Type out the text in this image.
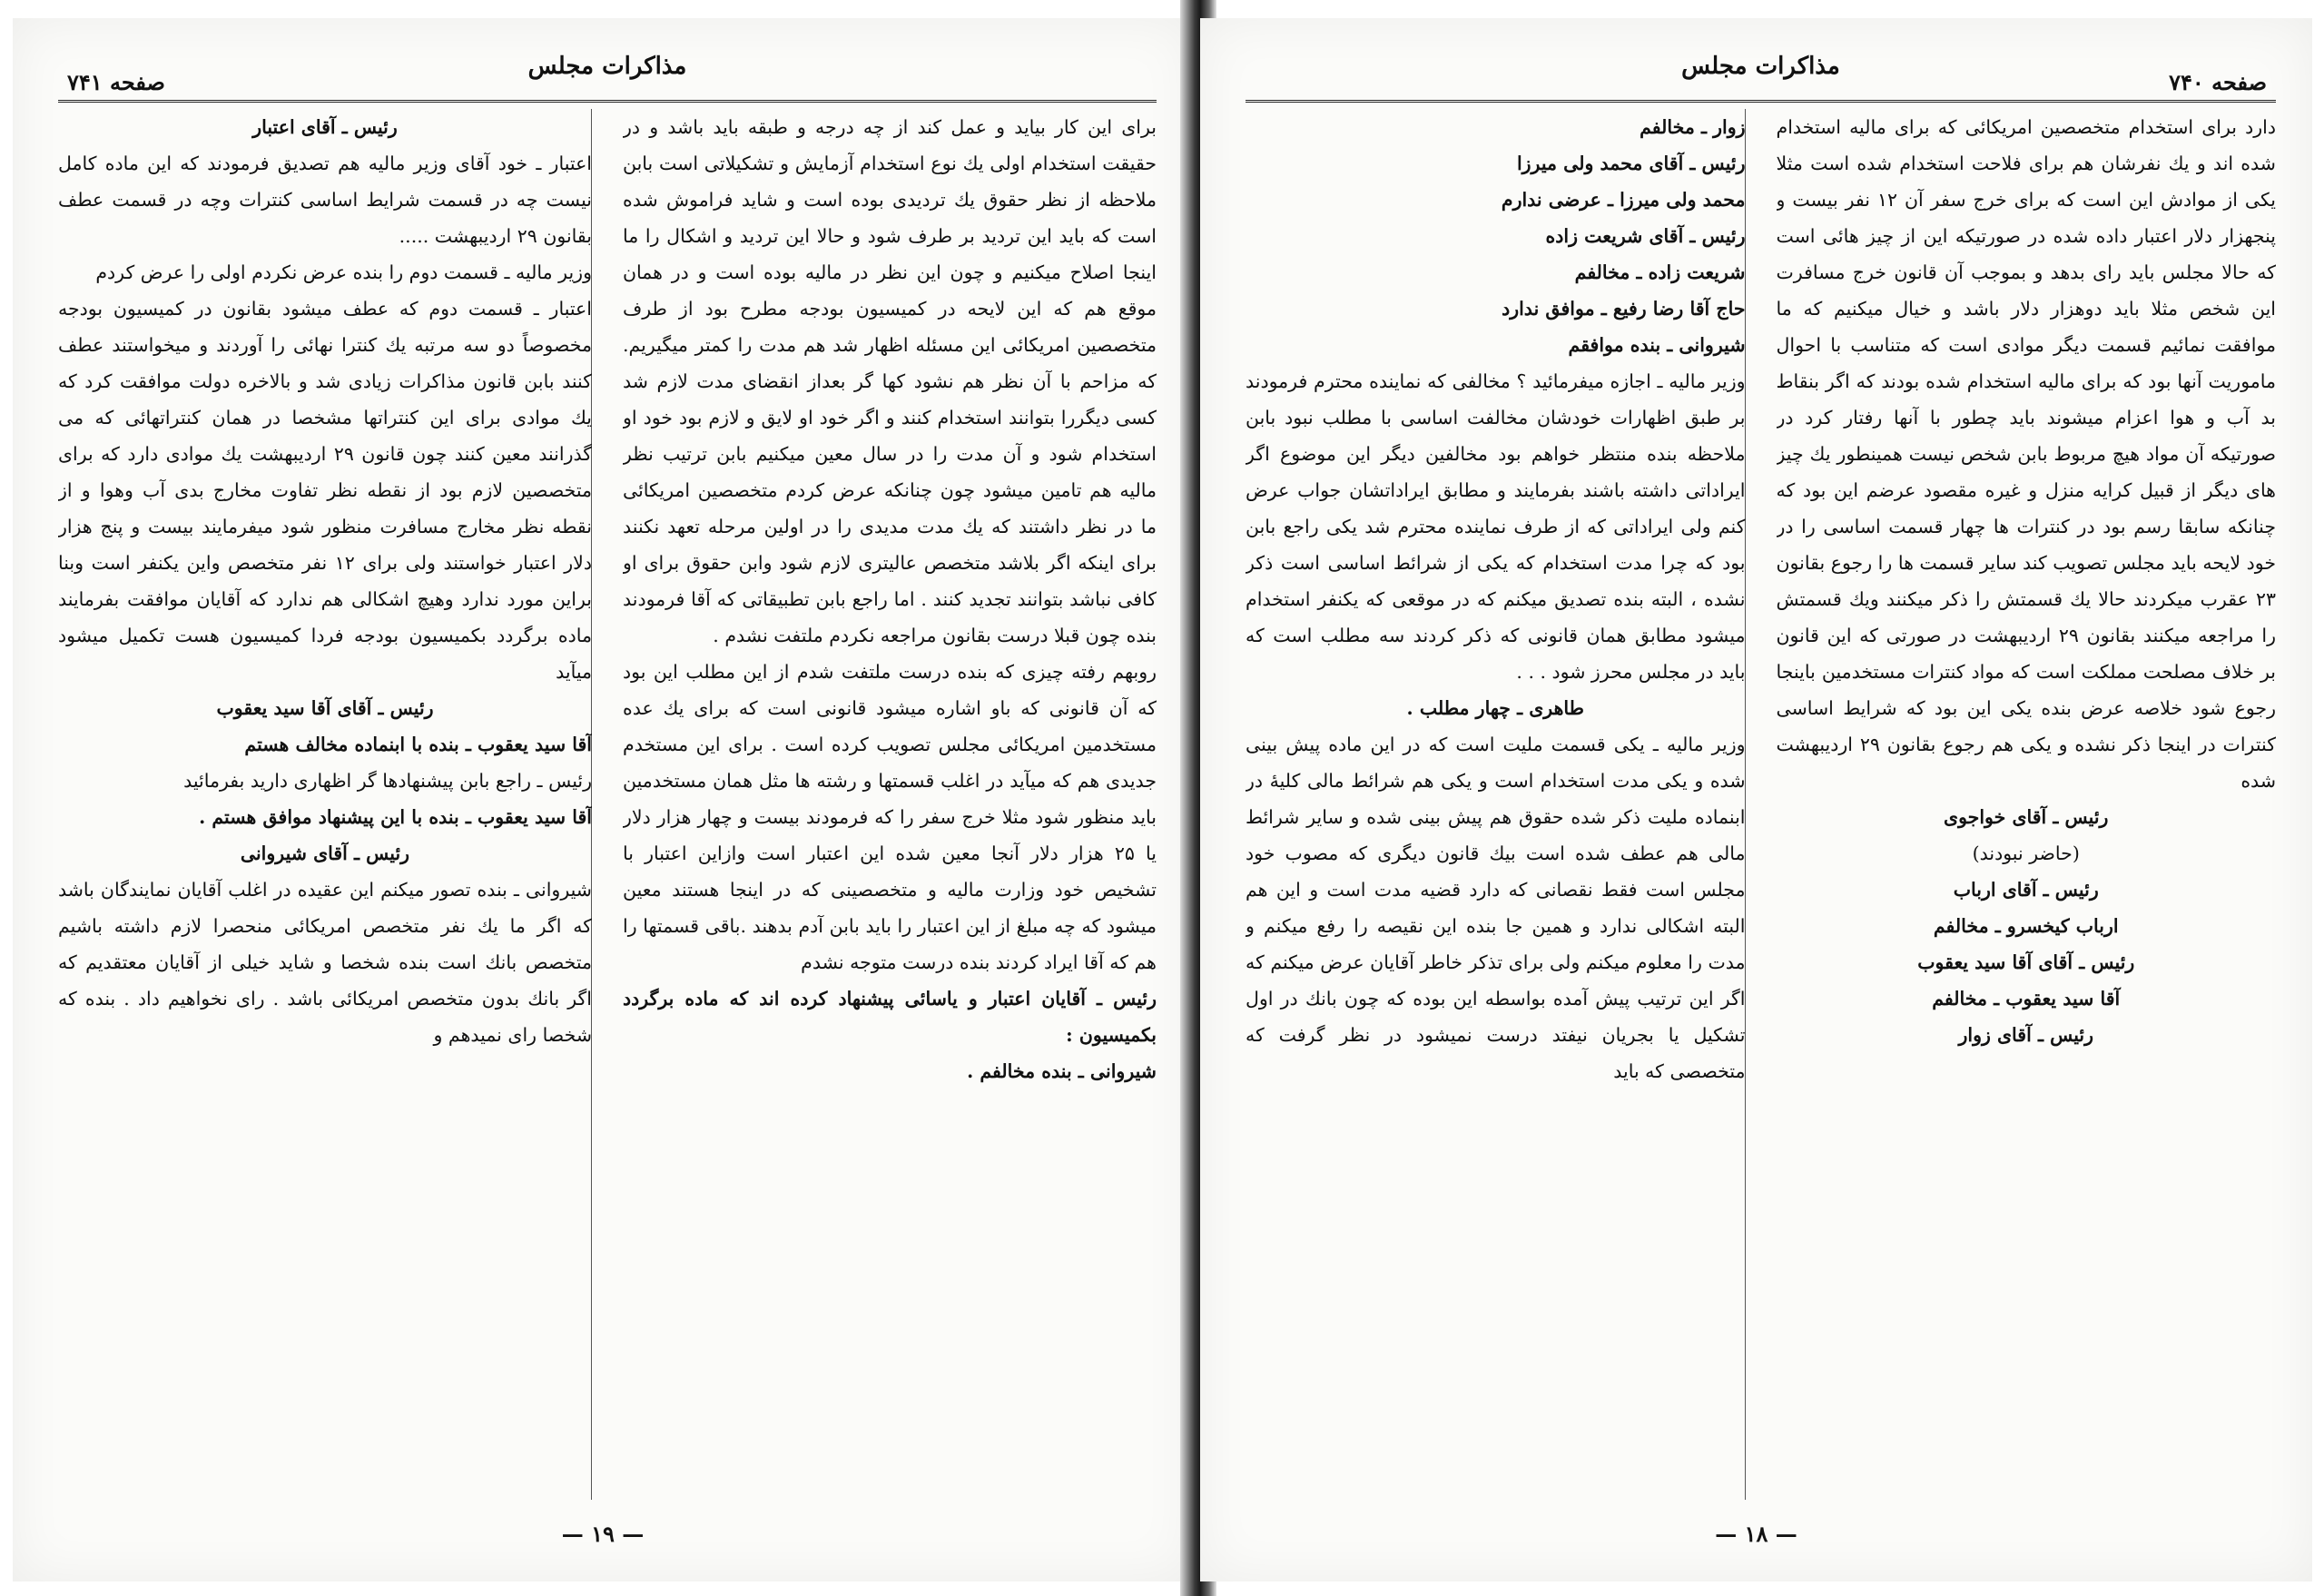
مذاکرات مجلس
صفحه ۷۴۱
برای این کار بیاید و عمل کند از چه درجه و طبقه باید باشد و در حقیقت استخدام اولی یك نوع استخدام آزمایش و تشکیلاتی است بابن ملاحظه از نظر حقوق یك تردیدی بوده است و شاید فراموش شده است که باید این تردید بر طرف شود و حالا این تردید و اشکال را ما اینجا اصلاح میکنیم و چون این نظر در مالیه بوده است و در همان موقع هم که این لایحه در کمیسیون بودجه مطرح بود از طرف متخصصین امریکائی این مسئله اظهار شد هم مدت را کمتر میگیریم. که مزاحم با آن نظر هم نشود کها گر بعداز انقضای مدت لازم شد کسی دیگررا بتوانند استخدام کنند و اگر خود او لایق و لازم بود خود او استخدام شود و آن مدت را در سال معین میکنیم بابن ترتیب نظر مالیه هم تامین میشود چون چنانکه عرض کردم متخصصین امریکائی ما در نظر داشتند که یك مدت مدیدی را در اولین مرحله تعهد نکنند برای اینکه اگر بلاشد متخصص عالیتری لازم شود وابن حقوق برای او کافی نباشد بتوانند تجدید کنند . اما راجع بابن تطبیقاتی که آقا فرمودند بنده چون قبلا درست بقانون مراجعه نکردم ملتفت نشدم .
روبهم رفته چیزی که بنده درست ملتفت شدم از این مطلب این بود که آن قانونی که باو اشاره میشود قانونی است که برای یك عده مستخدمین امریکائی مجلس تصویب کرده است . برای این مستخدم جدیدی هم که میآید در اغلب قسمتها و رشته ها مثل همان مستخدمین باید منظور شود مثلا خرج سفر را که فرمودند بیست و چهار هزار دلار یا ۲۵ هزار دلار آنجا معین شده این اعتبار است وازاین اعتبار با تشخیص خود وزارت مالیه و متخصصینی که در اینجا هستند معین میشود که چه مبلغ از این اعتبار را باید بابن آدم بدهند .باقی قسمتها را هم که آقا ایراد کردند بنده درست متوجه نشدم
رئیس ـ آقایان اعتبار و یاسائی پیشنهاد کرده اند که ماده برگردد بکمیسیون :
شیروانی ـ بنده مخالفم .
رئیس ـ آقای اعتبار
اعتبار ـ خود آقای وزیر مالیه هم تصدیق فرمودند که این ماده کامل نیست چه در قسمت شرایط اساسی کنترات وچه در قسمت عطف بقانون ۲۹ اردیبهشت .....
وزیر مالیه ـ قسمت دوم را بنده عرض نکردم اولی را عرض کردم
اعتبار ـ قسمت دوم که عطف میشود بقانون در کمیسیون بودجه مخصوصاً دو سه مرتبه یك کنترا نهائی را آوردند و میخواستند عطف کنند بابن قانون مذاکرات زیادی شد و بالاخره دولت موافقت کرد که یك موادی برای این کنتراتها مشخصا در همان کنتراتهائی که می گذرانند معین کنند چون قانون ۲۹ اردیبهشت یك موادی دارد که برای متخصصین لازم بود از نقطه نظر تفاوت مخارج بدی آب وهوا و از نقطه نظر مخارج مسافرت منظور شود میفرمایند بیست و پنج هزار دلار اعتبار خواستند ولی برای ۱۲ نفر متخصص واین یکنفر است وبنا براین مورد ندارد وهیچ اشکالی هم ندارد که آقایان موافقت بفرمایند ماده برگردد بکمیسیون بودجه فردا کمیسیون هست تکمیل میشود میآید
رئیس ـ آقای آقا سید یعقوب
آقا سید یعقوب ـ بنده با ابنماده مخالف هستم
رئیس ـ راجع بابن پیشنهادها گر اظهاری دارید بفرمائید
آقا سید یعقوب ـ بنده با این پیشنهاد موافق هستم .
رئیس ـ آقای شیروانی
شیروانی ـ بنده تصور میکنم این عقیده در اغلب آقایان نمایندگان باشد که اگر ما یك نفر متخصص امریکائی منحصرا لازم داشته باشیم متخصص بانك است بنده شخصا و شاید خیلی از آقایان معتقدیم که اگر بانك بدون متخصص امریکائی باشد . رای نخواهیم داد . بنده که شخصا رای نمیدهم و
— ۱۹ —
مذاکرات مجلس
صفحه ۷۴۰
دارد برای استخدام متخصصین امریکائی که برای مالیه استخدام شده اند و یك نفرشان هم برای فلاحت استخدام شده است مثلا یکی از موادش این است که برای خرج سفر آن ۱۲ نفر بیست و پنجهزار دلار اعتبار داده شده در صورتیکه این از چیز هائی است که حالا مجلس باید رای بدهد و بموجب آن قانون خرج مسافرت این شخص مثلا باید دوهزار دلار باشد و خیال میکنیم که ما موافقت نمائیم قسمت دیگر موادی است که متناسب با احوال ماموریت آنها بود که برای مالیه استخدام شده بودند که اگر بنقاط بد آب و هوا اعزام میشوند باید چطور با آنها رفتار کرد در صورتیکه آن مواد هیچ مربوط بابن شخص نیست همینطور یك چیز های دیگر از قبیل کرایه منزل و غیره مقصود عرضم این بود که چنانکه سابقا رسم بود در کنترات ها چهار قسمت اساسی را در خود لایحه باید مجلس تصویب کند سایر قسمت ها را رجوع بقانون ۲۳ عقرب میکردند حالا یك قسمتش را ذکر میکنند ویك قسمتش را مراجعه میکنند بقانون ۲۹ اردیبهشت در صورتی که این قانون بر خلاف مصلحت مملکت است که مواد کنترات مستخدمین باینجا رجوع شود خلاصه عرض بنده یکی این بود که شرایط اساسی کنترات در اینجا ذکر نشده و یکی هم رجوع بقانون ۲۹ اردیبهشت شده
رئیس ـ آقای خواجوی
(حاضر نبودند)
رئیس ـ آقای ارباب
ارباب کیخسرو ـ مخالفم
رئیس ـ آقای آقا سید یعقوب
آقا سید یعقوب ـ مخالفم
رئیس ـ آقای زوار
زوار ـ مخالفم
رئیس ـ آقای محمد ولی میرزا
محمد ولی میرزا ـ عرضی ندارم
رئیس ـ آقای شریعت زاده
شریعت زاده ـ مخالفم
حاج آقا رضا رفیع ـ موافق ندارد
شیروانی ـ بنده موافقم
وزیر مالیه ـ اجازه میفرمائید ؟ مخالفی که نماینده محترم فرمودند بر طبق اظهارات خودشان مخالفت اساسی با مطلب نبود بابن ملاحظه بنده منتظر خواهم بود مخالفین دیگر این موضوع اگر ایراداتی داشته باشند بفرمایند و مطابق ایراداتشان جواب عرض کنم ولی ایراداتی که از طرف نماینده محترم شد یکی راجع بابن بود که چرا مدت استخدام که یکی از شرائط اساسی است ذکر نشده ، البته بنده تصدیق میکنم که در موقعی که یکنفر استخدام میشود مطابق همان قانونی که ذکر کردند سه مطلب است که باید در مجلس محرز شود . . .
طاهری ـ چهار مطلب .
وزیر مالیه ـ یکی قسمت ملیت است که در این ماده پیش بینی شده و یکی مدت استخدام است و یکی هم شرائط مالی کلیهٔ در ابنماده ملیت ذکر شده حقوق هم پیش بینی شده و سایر شرائط مالی هم عطف شده است بیك قانون دیگری که مصوب خود مجلس است فقط نقصانی که دارد قضیه مدت است و این هم البته اشکالی ندارد و همین جا بنده این نقیصه را رفع میکنم و مدت را معلوم میکنم ولی برای تذکر خاطر آقایان عرض میکنم که اگر این ترتیب پیش آمده بواسطه این بوده که چون بانك در اول تشکیل یا بجریان نیفتد درست نمیشود در نظر گرفت که متخصصی که باید
— ۱۸ —
